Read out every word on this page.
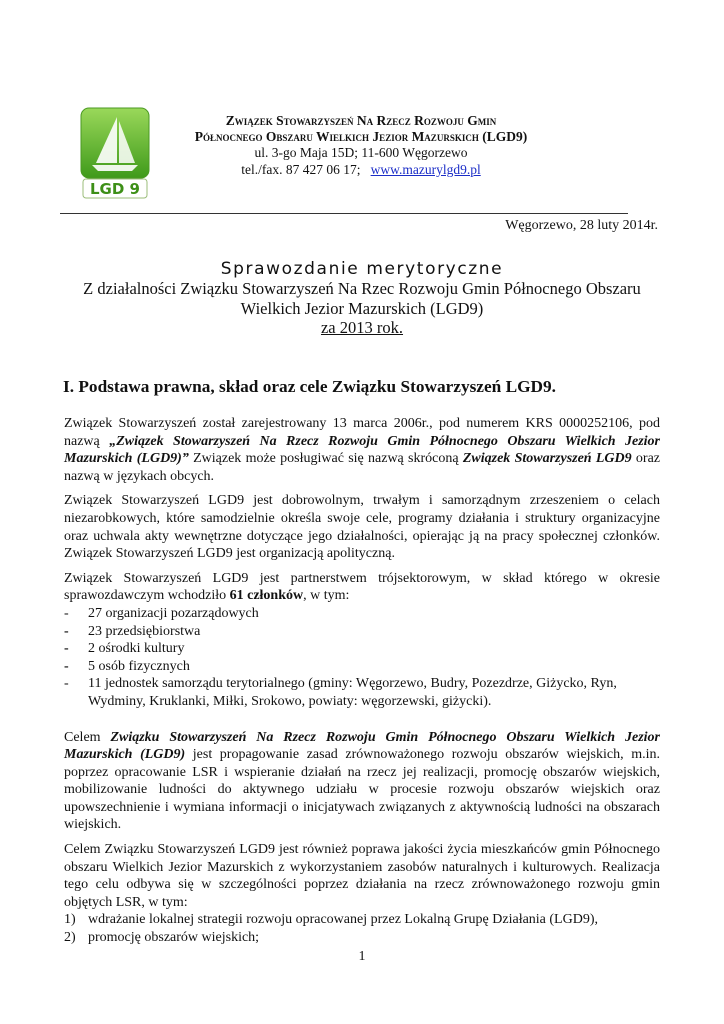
LGD 9
Związek Stowarzyszeń Na Rzecz Rozwoju Gmin
Północnego Obszaru Wielkich Jezior Mazurskich (LGD9)
ul. 3-go Maja 15D; 11-600 Węgorzewo
tel./fax. 87 427 06 17; www.mazurylgd9.pl
Węgorzewo, 28 luty 2014r.
Sprawozdanie merytoryczne
Z działalności Związku Stowarzyszeń Na Rzec Rozwoju Gmin Północnego Obszaru Wielkich Jezior Mazurskich (LGD9)
za 2013 rok.
I. Podstawa prawna, skład oraz cele Związku Stowarzyszeń LGD9.

Związek Stowarzyszeń został zarejestrowany 13 marca 2006r., pod numerem KRS 0000252106, pod nazwą „Związek Stowarzyszeń Na Rzecz Rozwoju Gmin Północnego Obszaru Wielkich Jezior Mazurskich (LGD9)” Związek może posługiwać się nazwą skróconą Związek Stowarzyszeń LGD9 oraz nazwą w językach obcych.

Związek Stowarzyszeń LGD9 jest dobrowolnym, trwałym i samorządnym zrzeszeniem o celach niezarobkowych, które samodzielnie określa swoje cele, programy działania i struktury organizacyjne oraz uchwala akty wewnętrzne dotyczące jego działalności, opierając ją na pracy społecznej członków. Związek Stowarzyszeń LGD9 jest organizacją apolityczną.

Związek Stowarzyszeń LGD9 jest partnerstwem trójsektorowym, w skład którego w okresie sprawozdawczym wchodziło 61 członków, w tym:

- 27 organizacji pozarządowych
- 23 przedsiębiorstwa
- 2 ośrodki kultury
- 5 osób fizycznych
- 11 jednostek samorządu terytorialnego (gminy: Węgorzewo, Budry, Pozezdrze, Giżycko, Ryn, Wydminy, Kruklanki, Miłki, Srokowo, powiaty: węgorzewski, giżycki).

Celem Związku Stowarzyszeń Na Rzecz Rozwoju Gmin Północnego Obszaru Wielkich Jezior Mazurskich (LGD9) jest propagowanie zasad zrównoważonego rozwoju obszarów wiejskich, m.in. poprzez opracowanie LSR i wspieranie działań na rzecz jej realizacji, promocję obszarów wiejskich, mobilizowanie ludności do aktywnego udziału w procesie rozwoju obszarów wiejskich oraz upowszechnienie i wymiana informacji o inicjatywach związanych z aktywnością ludności na obszarach wiejskich.

Celem Związku Stowarzyszeń LGD9 jest również poprawa jakości życia mieszkańców gmin Północnego obszaru Wielkich Jezior Mazurskich z wykorzystaniem zasobów naturalnych i kulturowych. Realizacja tego celu odbywa się w szczególności poprzez działania na rzecz zrównoważonego rozwoju gmin objętych LSR, w tym:

1) wdrażanie lokalnej strategii rozwoju opracowanej przez Lokalną Grupę Działania (LGD9),
2) promocję obszarów wiejskich;
1
